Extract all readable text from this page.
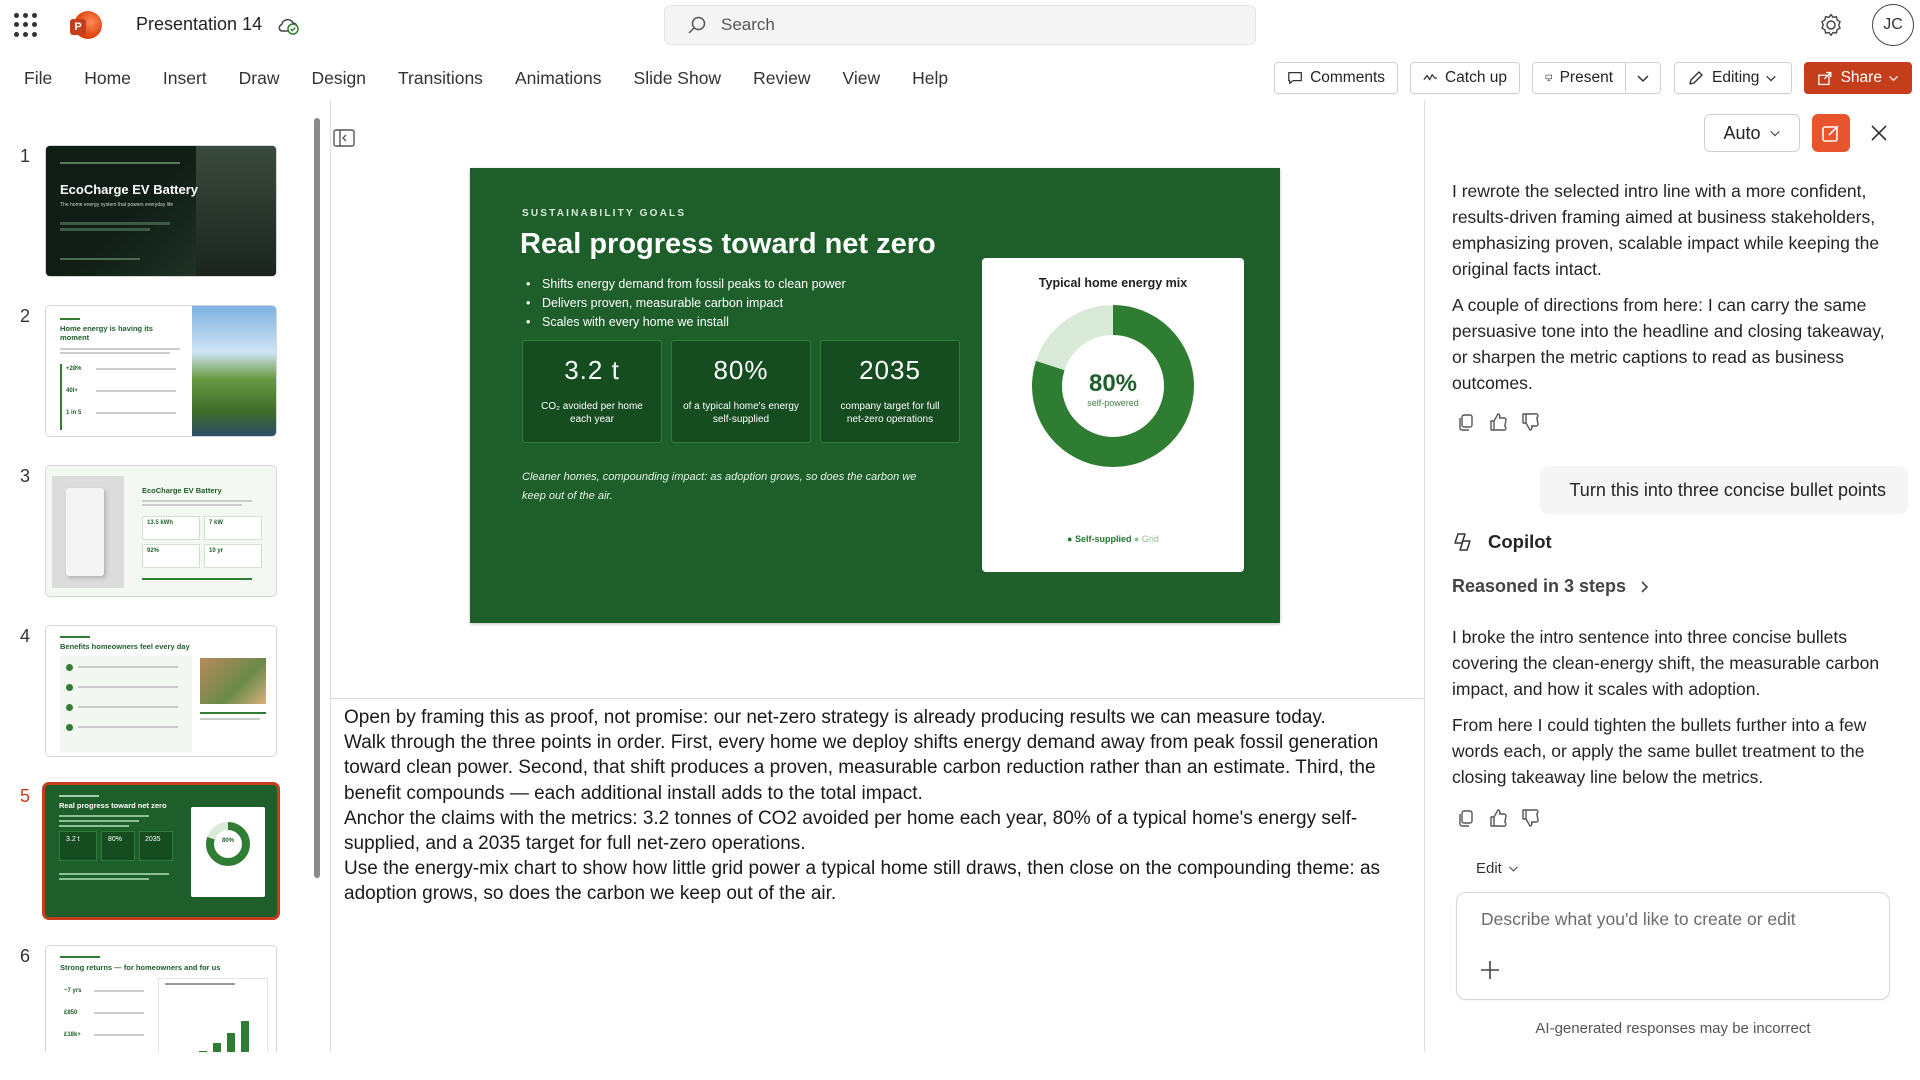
P	Presentation 14	Search	JC
File Home Insert Draw Design Transitions Animations Slide Show Review View Help	Comments	Catch up	Present	Editing	Share
1
EcoCharge EV Battery
The home energy system that powers everyday life
2
Home energy is having its moment
+28%
40l+
1 in 5
3
EcoCharge EV Battery
13.5 kWh	7 kW
92%	10 yr
4
Benefits homeowners feel every day
5	Real progress toward net zero
3.2 t	80%	2035	80%
6
Strong returns — for homeowners and for us
~7 yrs
£850
£18k+
SUSTAINABILITY GOALS
Real progress toward net zero
• Shifts energy demand from fossil peaks to clean power
• Delivers proven, measurable carbon impact
• Scales with every home we install
3.2 t
CO₂ avoided per home each year
80%
of a typical home's energy self-supplied
2035
company target for full net-zero operations
Cleaner homes, compounding impact: as adoption grows, so does the carbon we keep out of the air.
Typical home energy mix
80%
self-powered
● Self-supplied ● Grid

Open by framing this as proof, not promise: our net-zero strategy is already producing results we can measure today.

Walk through the three points in order. First, every home we deploy shifts energy demand away from peak fossil generation toward clean power. Second, that shift produces a proven, measurable carbon reduction rather than an estimate. Third, the benefit compounds — each additional install adds to the total impact.

Anchor the claims with the metrics: 3.2 tonnes of CO2 avoided per home each year, 80% of a typical home's energy self-supplied, and a 2035 target for full net-zero operations.

Use the energy-mix chart to show how little grid power a typical home still draws, then close on the compounding theme: as adoption grows, so does the carbon we keep out of the air.

Auto

I rewrote the selected intro line with a more confident, results-driven framing aimed at business stakeholders, emphasizing proven, scalable impact while keeping the original facts intact.

A couple of directions from here: I can carry the same persuasive tone into the headline and closing takeaway, or sharpen the metric captions to read as business outcomes.

Turn this into three concise bullet points
Copilot
Reasoned in 3 steps

I broke the intro sentence into three concise bullets covering the clean-energy shift, the measurable carbon impact, and how it scales with adoption.

From here I could tighten the bullets further into a few words each, or apply the same bullet treatment to the closing takeaway line below the metrics.

Edit
Describe what you'd like to create or edit
AI-generated responses may be incorrect
